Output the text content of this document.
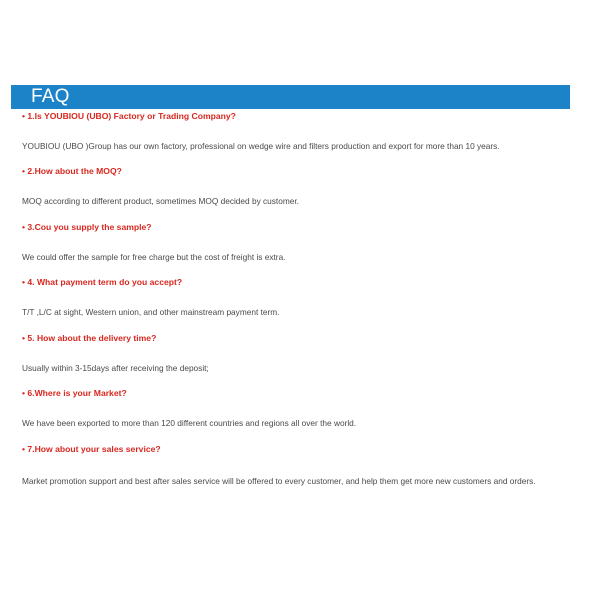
FAQ
• 1.Is YOUBIOU (UBO) Factory or Trading Company?
YOUBIOU (UBO )Group has our own factory, professional on wedge wire and filters production and export for more than 10 years.
• 2.How about the MOQ?
MOQ according to different product, sometimes MOQ decided by customer.
• 3.Cou you supply the sample?
We could offer the sample for free charge but the cost of freight is extra.
• 4. What payment term do you accept?
T/T ,L/C at sight, Western union, and other mainstream payment term.
• 5. How about the delivery time?
Usually within 3-15days after receiving the deposit;
• 6.Where is your Market?
We have been exported to more than 120 different countries and regions all over the world.
• 7.How about your sales service?
Market promotion support and best after sales service will be offered to every customer, and help them get more new customers and orders.
